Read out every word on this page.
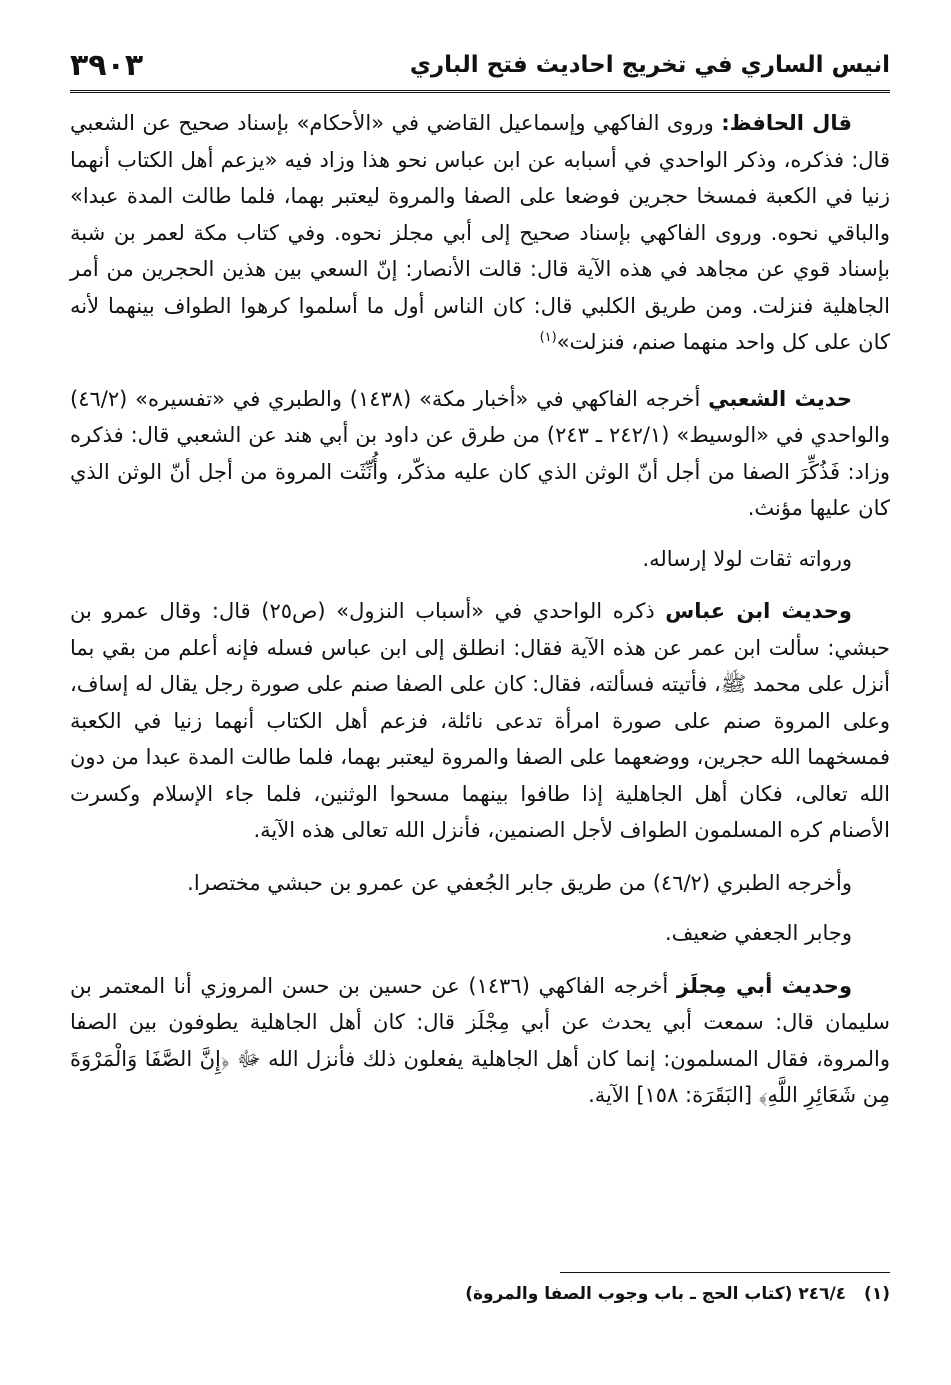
انيس الساري في تخريج احاديث فتح الباري
٣٩٠٣

قال الحافظ: وروى الفاكهي وإسماعيل القاضي في «الأحكام» بإسناد صحيح عن الشعبي قال: فذكره، وذكر الواحدي في أسبابه عن ابن عباس نحو هذا وزاد فيه «يزعم أهل الكتاب أنهما زنيا في الكعبة فمسخا حجرين فوضعا على الصفا والمروة ليعتبر بهما، فلما طالت المدة عبدا» والباقي نحوه. وروى الفاكهي بإسناد صحيح إلى أبي مجلز نحوه. وفي كتاب مكة لعمر بن شبة بإسناد قوي عن مجاهد في هذه الآية قال: قالت الأنصار: إنّ السعي بين هذين الحجرين من أمر الجاهلية فنزلت. ومن طريق الكلبي قال: كان الناس أول ما أسلموا كرهوا الطواف بينهما لأنه كان على كل واحد منهما صنم، فنزلت»$^{(١)}$

حديث الشعبي أخرجه الفاكهي في «أخبار مكة» (١٤٣٨) والطبري في «تفسيره» (٤٦/٢) والواحدي في «الوسيط» (٢٤٢/١ ـ ٢٤٣) من طرق عن داود بن أبي هند عن الشعبي قال: فذكره وزاد: فَذُكِّرَ الصفا من أجل أنّ الوثن الذي كان عليه مذكّر، وأُنِّثَت المروة من أجل أنّ الوثن الذي كان عليها مؤنث.

ورواته ثقات لولا إرساله.

وحديث ابن عباس ذكره الواحدي في «أسباب النزول» (ص٢٥) قال: وقال عمرو بن حبشي: سألت ابن عمر عن هذه الآية فقال: انطلق إلى ابن عباس فسله فإنه أعلم من بقي بما أنزل على محمد ﷺ، فأتيته فسألته، فقال: كان على الصفا صنم على صورة رجل يقال له إساف، وعلى المروة صنم على صورة امرأة تدعى نائلة، فزعم أهل الكتاب أنهما زنيا في الكعبة فمسخهما الله حجرين، ووضعهما على الصفا والمروة ليعتبر بهما، فلما طالت المدة عبدا من دون الله تعالى، فكان أهل الجاهلية إذا طافوا بينهما مسحوا الوثنين، فلما جاء الإسلام وكسرت الأصنام كره المسلمون الطواف لأجل الصنمين، فأنزل الله تعالى هذه الآية.

وأخرجه الطبري (٤٦/٢) من طريق جابر الجُعفي عن عمرو بن حبشي مختصرا.

وجابر الجعفي ضعيف.

وحديث أبي مِجلَز أخرجه الفاكهي (١٤٣٦) عن حسين بن حسن المروزي أنا المعتمر بن سليمان قال: سمعت أبي يحدث عن أبي مِجْلَز قال: كان أهل الجاهلية يطوفون بين الصفا والمروة، فقال المسلمون: إنما كان أهل الجاهلية يفعلون ذلك فأنزل الله ﷻ ﴿إِنَّ الصَّفَا وَالْمَرْوَةَ مِن شَعَائِرِ اللَّهِ﴾ [البَقَرَة: ١٥٨] الآية.

(١)٢٤٦/٤ (كتاب الحج ـ باب وجوب الصفا والمروة)
